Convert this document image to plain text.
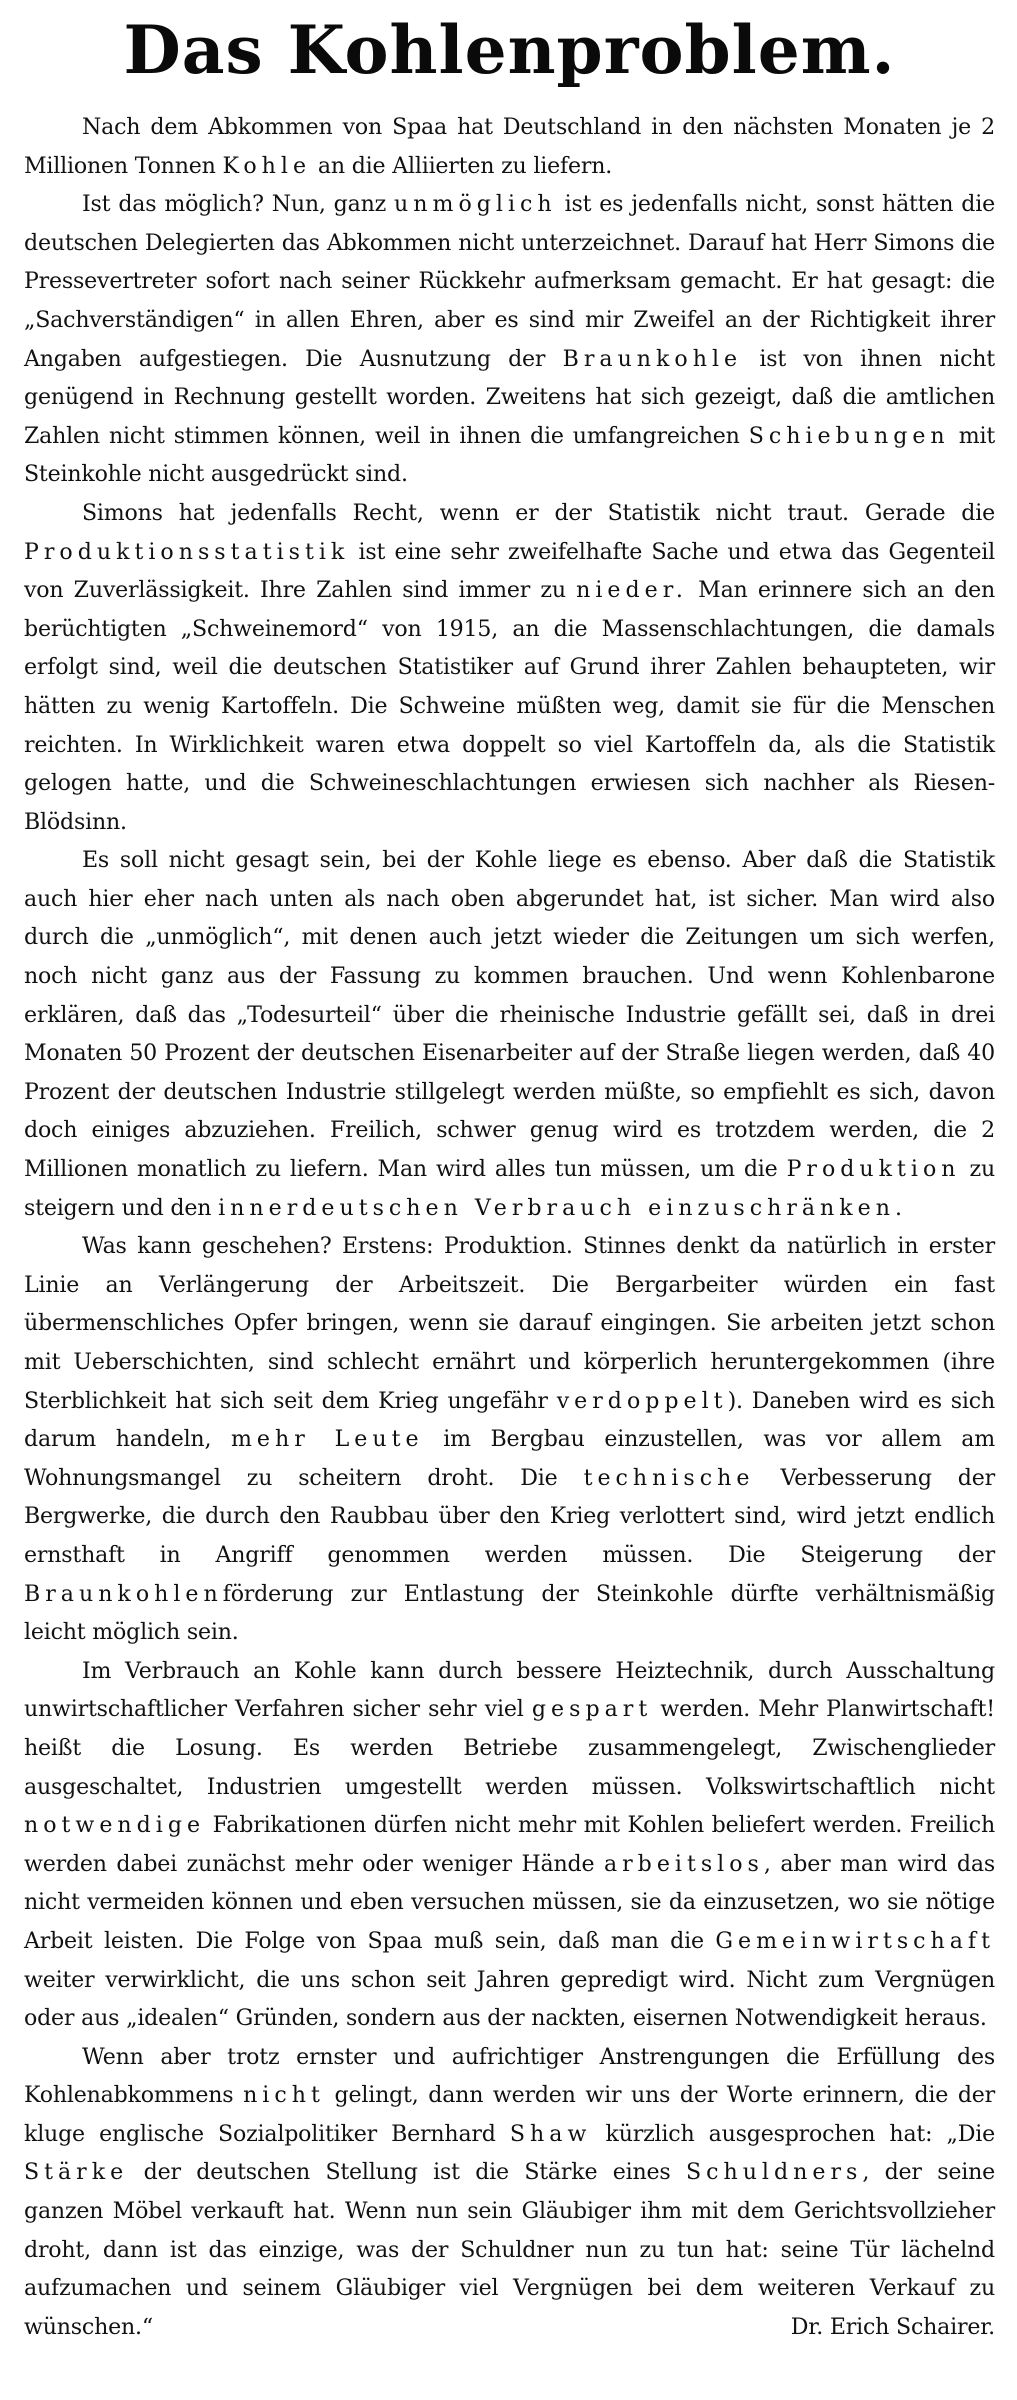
Das Kohlenproblem.

Nach dem Abkommen von Spaa hat Deutschland in den nächsten Monaten je 2 Millionen Tonnen Kohle an die Alliierten zu liefern.

Ist das möglich? Nun, ganz unmöglich ist es jedenfalls nicht, sonst hätten die deutschen Delegierten das Abkommen nicht unterzeichnet. Darauf hat Herr Simons die Pressevertreter sofort nach seiner Rückkehr aufmerksam gemacht. Er hat gesagt: die „Sachverständigen“ in allen Ehren, aber es sind mir Zweifel an der Richtigkeit ihrer Angaben aufgestiegen. Die Ausnutzung der Braunkohle ist von ihnen nicht genügend in Rechnung gestellt worden. Zweitens hat sich gezeigt, daß die amtlichen Zahlen nicht stimmen können, weil in ihnen die umfangreichen Schiebungen mit Steinkohle nicht ausgedrückt sind.

Simons hat jedenfalls Recht, wenn er der Statistik nicht traut. Gerade die Produktionsstatistik ist eine sehr zweifelhafte Sache und etwa das Gegenteil von Zuverlässigkeit. Ihre Zahlen sind immer zu nieder. Man erinnere sich an den berüchtigten „Schweinemord“ von 1915, an die Massenschlachtungen, die damals erfolgt sind, weil die deutschen Statistiker auf Grund ihrer Zahlen behaupteten, wir hätten zu wenig Kartoffeln. Die Schweine müßten weg, damit sie für die Menschen reichten. In Wirklichkeit waren etwa doppelt so viel Kartoffeln da, als die Statistik gelogen hatte, und die Schweineschlachtungen erwiesen sich nachher als Riesen-Blödsinn.

Es soll nicht gesagt sein, bei der Kohle liege es ebenso. Aber daß die Statistik auch hier eher nach unten als nach oben abgerundet hat, ist sicher. Man wird also durch die „unmöglich“, mit denen auch jetzt wieder die Zeitungen um sich werfen, noch nicht ganz aus der Fassung zu kommen brauchen. Und wenn Kohlenbarone erklären, daß das „Todesurteil“ über die rheinische Industrie gefällt sei, daß in drei Monaten 50 Prozent der deutschen Eisenarbeiter auf der Straße liegen werden, daß 40 Prozent der deutschen Industrie stillgelegt werden müßte, so empfiehlt es sich, davon doch einiges abzuziehen. Freilich, schwer genug wird es trotzdem werden, die 2 Millionen monatlich zu liefern. Man wird alles tun müssen, um die Produktion zu steigern und den innerdeutschen Verbrauch einzuschränken.

Was kann geschehen? Erstens: Produktion. Stinnes denkt da natürlich in erster Linie an Verlängerung der Arbeitszeit. Die Bergarbeiter würden ein fast übermenschliches Opfer bringen, wenn sie darauf eingingen. Sie arbeiten jetzt schon mit Ueberschichten, sind schlecht ernährt und körperlich heruntergekommen (ihre Sterblichkeit hat sich seit dem Krieg ungefähr verdoppelt). Daneben wird es sich darum handeln, mehr Leute im Bergbau einzustellen, was vor allem am Wohnungsmangel zu scheitern droht. Die technische Verbesserung der Bergwerke, die durch den Raubbau über den Krieg verlottert sind, wird jetzt endlich ernsthaft in Angriff genommen werden müssen. Die Steigerung der Braunkohlenförderung zur Entlastung der Steinkohle dürfte verhältnismäßig leicht möglich sein.

Im Verbrauch an Kohle kann durch bessere Heiztechnik, durch Ausschaltung unwirtschaftlicher Verfahren sicher sehr viel gespart werden. Mehr Planwirtschaft! heißt die Losung. Es werden Betriebe zusammengelegt, Zwischenglieder ausgeschaltet, Industrien umgestellt werden müssen. Volkswirtschaftlich nicht notwendige Fabrikationen dürfen nicht mehr mit Kohlen beliefert werden. Freilich werden dabei zunächst mehr oder weniger Hände arbeitslos, aber man wird das nicht vermeiden können und eben versuchen müssen, sie da einzusetzen, wo sie nötige Arbeit leisten. Die Folge von Spaa muß sein, daß man die Gemeinwirtschaft weiter verwirklicht, die uns schon seit Jahren gepredigt wird. Nicht zum Vergnügen oder aus „idealen“ Gründen, sondern aus der nackten, eisernen Notwendigkeit heraus.

Wenn aber trotz ernster und aufrichtiger Anstrengungen die Erfüllung des Kohlenabkommens nicht gelingt, dann werden wir uns der Worte erinnern, die der kluge englische Sozialpolitiker Bernhard Shaw kürzlich ausgesprochen hat: „Die Stärke der deutschen Stellung ist die Stärke eines Schuldners, der seine ganzen Möbel verkauft hat. Wenn nun sein Gläubiger ihm mit dem Gerichtsvollzieher droht, dann ist das einzige, was der Schuldner nun zu tun hat: seine Tür lächelnd aufzumachen und seinem Gläubiger viel Vergnügen bei dem weiteren Verkauf zu wünschen.“	Dr. Erich Schairer.
